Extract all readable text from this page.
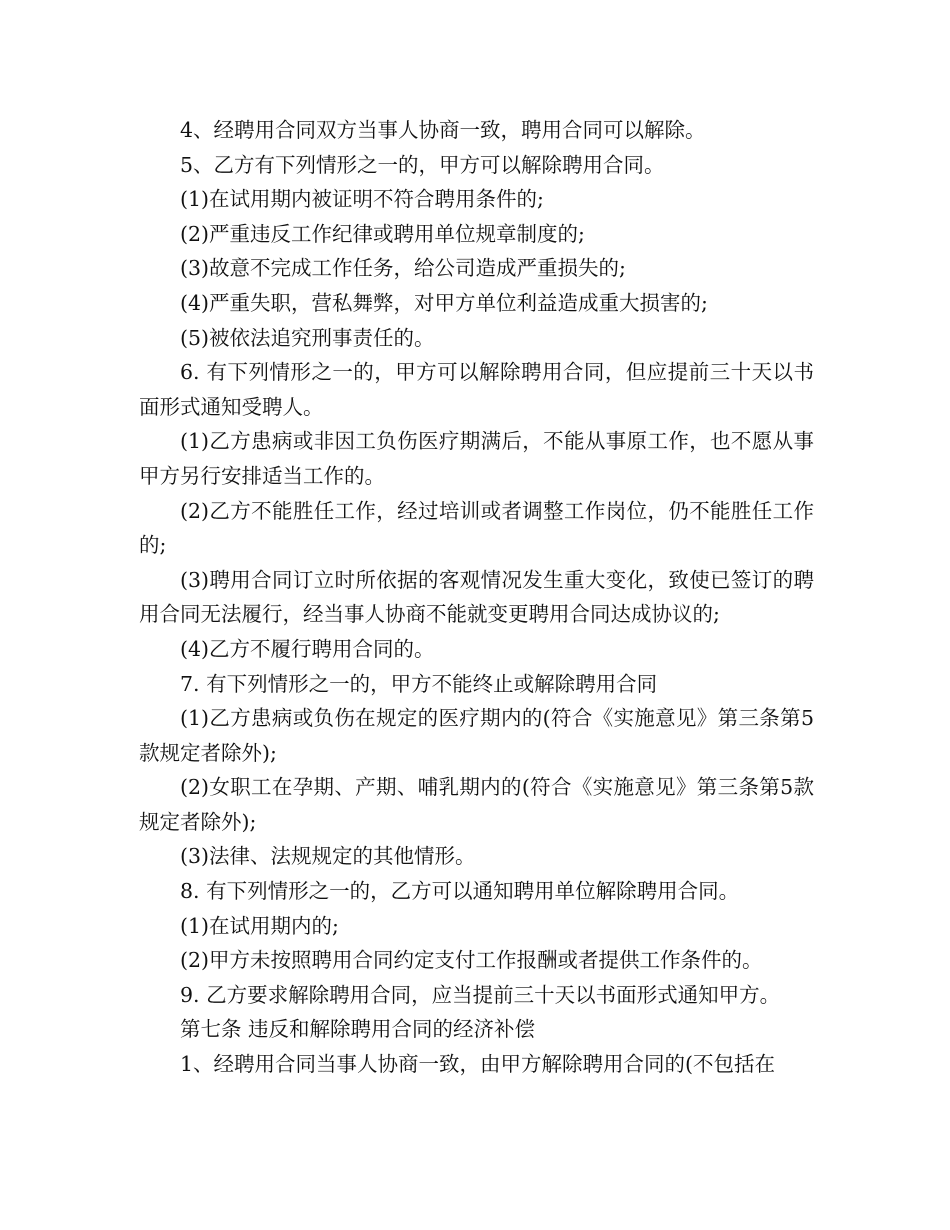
4、经聘用合同双方当事人协商一致，聘用合同可以解除。

5、乙方有下列情形之一的，甲方可以解除聘用合同。

(1)在试用期内被证明不符合聘用条件的;

(2)严重违反工作纪律或聘用单位规章制度的;

(3)故意不完成工作任务，给公司造成严重损失的;

(4)严重失职，营私舞弊，对甲方单位利益造成重大损害的;

(5)被依法追究刑事责任的。

6. 有下列情形之一的，甲方可以解除聘用合同，但应提前三十天以书面形式通知受聘人。

(1)乙方患病或非因工负伤医疗期满后，不能从事原工作，也不愿从事甲方另行安排适当工作的。

(2)乙方不能胜任工作，经过培训或者调整工作岗位，仍不能胜任工作的;

(3)聘用合同订立时所依据的客观情况发生重大变化，致使已签订的聘用合同无法履行，经当事人协商不能就变更聘用合同达成协议的;

(4)乙方不履行聘用合同的。

7. 有下列情形之一的，甲方不能终止或解除聘用合同

(1)乙方患病或负伤在规定的医疗期内的(符合《实施意见》第三条第5款规定者除外);

(2)女职工在孕期、产期、哺乳期内的(符合《实施意见》第三条第5款规定者除外);

(3)法律、法规规定的其他情形。

8. 有下列情形之一的，乙方可以通知聘用单位解除聘用合同。

(1)在试用期内的;

(2)甲方未按照聘用合同约定支付工作报酬或者提供工作条件的。

9. 乙方要求解除聘用合同，应当提前三十天以书面形式通知甲方。

第七条 违反和解除聘用合同的经济补偿

1、经聘用合同当事人协商一致，由甲方解除聘用合同的(不包括在
